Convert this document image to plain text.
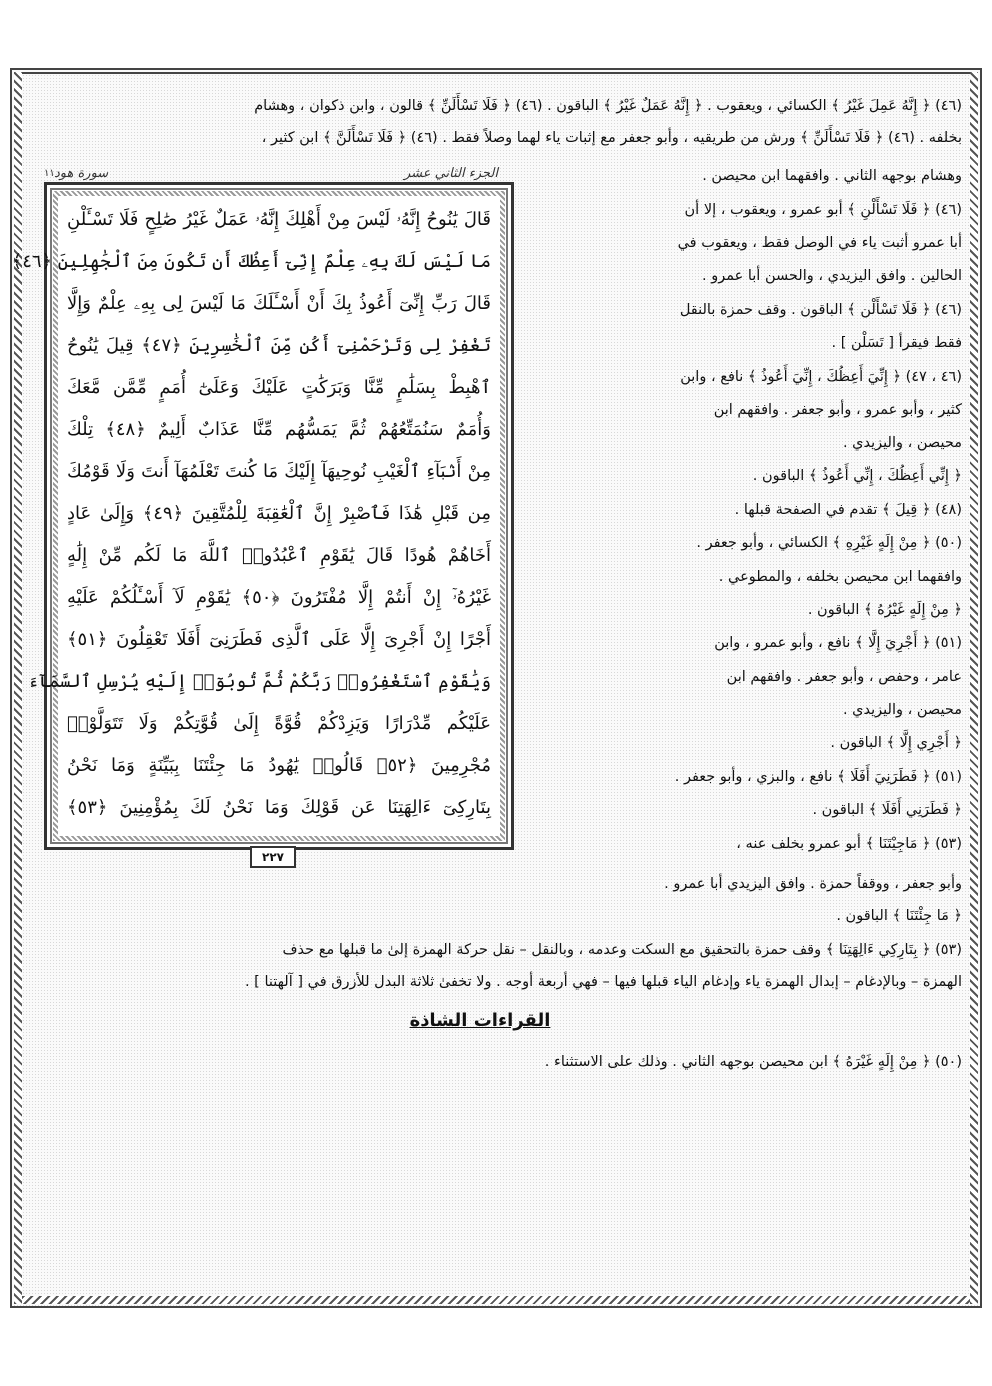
(٤٦) ﴿ إِنَّهُ عَمِلَ غَيْرُ ﴾ الكسائي ، ويعقوب . ﴿ إِنَّهُ عَمَلٌ غَيْرُ ﴾ الباقون . (٤٦) ﴿ فَلَا تَسْأَلَنِّ ﴾ قالون ، وابن ذكوان ، وهشام
بخلفه . (٤٦) ﴿ فَلَا تَسْأَلَنِّ ﴾ ورش من طريقيه ، وأبو جعفر مع إثبات ياء لهما وصلاً فقط . (٤٦) ﴿ فَلَا تَسْأَلَنَّ ﴾ ابن كثير ،
الجزء الثاني عشر
سورة هود
١١
قَالَ يَٰنُوحُ إِنَّهُۥ لَيْسَ مِنْ أَهْلِكَ إِنَّهُۥ عَمَلٌ غَيْرُ صَٰلِحٍ فَلَا تَسْـَٔلْنِ
مَا لَيْسَ لَكَ بِهِۦ عِلْمٌ إِنِّىٓ أَعِظُكَ أَن تَكُونَ مِنَ ٱلْجَٰهِلِينَ ﴿٤٦﴾
قَالَ رَبِّ إِنِّىٓ أَعُوذُ بِكَ أَنْ أَسْـَٔلَكَ مَا لَيْسَ لِى بِهِۦ عِلْمٌ وَإِلَّا
تَغْفِرْ لِى وَتَرْحَمْنِىٓ أَكُن مِّنَ ٱلْخَٰسِرِينَ ﴿٤٧﴾ قِيلَ يَٰنُوحُ
ٱهْبِطْ بِسَلَٰمٍ مِّنَّا وَبَرَكَٰتٍ عَلَيْكَ وَعَلَىٰٓ أُمَمٍ مِّمَّن مَّعَكَ
وَأُمَمٌ سَنُمَتِّعُهُمْ ثُمَّ يَمَسُّهُم مِّنَّا عَذَابٌ أَلِيمٌ ﴿٤٨﴾ تِلْكَ
مِنْ أَنۢبَآءِ ٱلْغَيْبِ نُوحِيهَآ إِلَيْكَ مَا كُنتَ تَعْلَمُهَآ أَنتَ وَلَا قَوْمُكَ
مِن قَبْلِ هَٰذَا فَٱصْبِرْ إِنَّ ٱلْعَٰقِبَةَ لِلْمُتَّقِينَ ﴿٤٩﴾ وَإِلَىٰ عَادٍ
أَخَاهُمْ هُودًا قَالَ يَٰقَوْمِ ٱعْبُدُوا۟ ٱللَّهَ مَا لَكُم مِّنْ إِلَٰهٍ
غَيْرُهُۥٓ إِنْ أَنتُمْ إِلَّا مُفْتَرُونَ ﴿٥٠﴾ يَٰقَوْمِ لَآ أَسْـَٔلُكُمْ عَلَيْهِ
أَجْرًا إِنْ أَجْرِىَ إِلَّا عَلَى ٱلَّذِى فَطَرَنِىٓ أَفَلَا تَعْقِلُونَ ﴿٥١﴾
وَيَٰقَوْمِ ٱسْتَغْفِرُوا۟ رَبَّكُمْ ثُمَّ تُوبُوٓا۟ إِلَيْهِ يُرْسِلِ ٱلسَّمَآءَ
عَلَيْكُم مِّدْرَارًا وَيَزِدْكُمْ قُوَّةً إِلَىٰ قُوَّتِكُمْ وَلَا تَتَوَلَّوْا۟
مُجْرِمِينَ ﴿٥٢﴾ قَالُوا۟ يَٰهُودُ مَا جِئْتَنَا بِبَيِّنَةٍ وَمَا نَحْنُ
بِتَارِكِىٓ ءَالِهَتِنَا عَن قَوْلِكَ وَمَا نَحْنُ لَكَ بِمُؤْمِنِينَ ﴿٥٣﴾
٢٢٧
وهشام بوجهه الثاني . وافقهما ابن محيصن .
(٤٦) ﴿ فَلَا تَسْأَلْنِ ﴾ أبو عمرو ، ويعقوب ، إلا أن
أبا عمرو أثبت ياء في الوصل فقط ، ويعقوب في
الحالين . وافق اليزيدي ، والحسن أبا عمرو .
(٤٦) ﴿ فَلَا تَسْأَلْن ﴾ الباقون . وقف حمزة بالنقل
فقط فيقرأ [ تَسَلْن ] .
(٤٦ ، ٤٧) ﴿ إِنِّيَ أَعِظُكَ ، إِنِّيَ أَعُوذُ ﴾ نافع ، وابن
كثير ، وأبو عمرو ، وأبو جعفر . وافقهم ابن
محيصن ، واليزيدي .
﴿ إِنِّي أَعِظُكَ ، إِنِّي أَعُوذُ ﴾ الباقون .
(٤٨) ﴿ قِيلَ ﴾ تقدم في الصفحة قبلها .
(٥٠) ﴿ مِنْ إِلَهٍ غَيْرِهِ ﴾ الكسائي ، وأبو جعفر .
وافقهما ابن محيصن بخلفه ، والمطوعي .
﴿ مِنْ إِلَهٍ غَيْرُهُ ﴾ الباقون .
(٥١) ﴿ أَجْرِيَ إِلَّا ﴾ نافع ، وأبو عمرو ، وابن
عامر ، وحفص ، وأبو جعفر . وافقهم ابن
محيصن ، واليزيدي .
﴿ أَجْرِي إِلَّا ﴾ الباقون .
(٥١) ﴿ فَطَرَنِيَ أَفَلَا ﴾ نافع ، والبزي ، وأبو جعفر .
﴿ فَطَرَنِي أَفَلَا ﴾ الباقون .
(٥٣) ﴿ مَاجِيْتَنَا ﴾ أبو عمرو بخلف عنه ،
وأبو جعفر ، ووقفاً حمزة . وافق اليزيدي أبا عمرو .
﴿ مَا جِئْتَنَا ﴾ الباقون .
(٥٣) ﴿ بِتَارِكِي ءَالِهَتِنَا ﴾ وقف حمزة بالتحقيق مع السكت وعدمه ، وبالنقل – نقل حركة الهمزة إلىٰ ما قبلها مع حذف
الهمزة – وبالإدغام – إبدال الهمزة ياء وإدغام الياء قبلها فيها – فهي أربعة أوجه . ولا تخفىٰ ثلاثة البدل للأزرق في [ آلهتنا ] .
القراءات الشاذة
(٥٠) ﴿ مِنْ إِلَهٍ غَيْرَهُ ﴾ ابن محيصن بوجهه الثاني . وذلك على الاستثناء .
